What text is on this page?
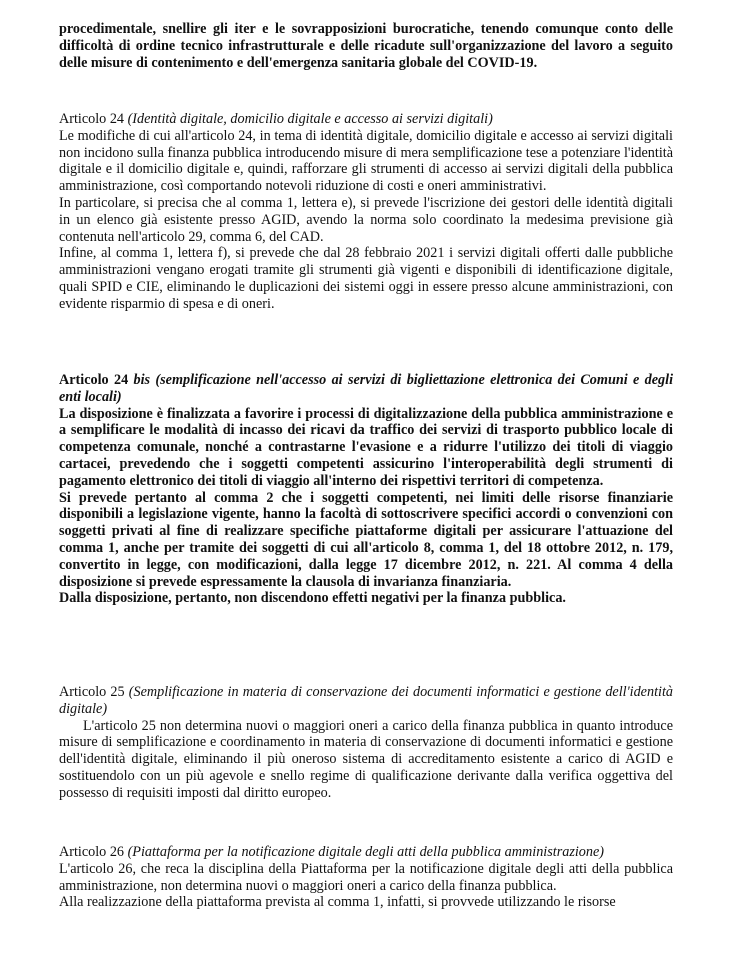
procedimentale, snellire gli iter e le sovrapposizioni burocratiche, tenendo comunque conto delle difficoltà di ordine tecnico infrastrutturale e delle ricadute sull'organizzazione del lavoro a seguito delle misure di contenimento e dell'emergenza sanitaria globale del COVID-19.

Articolo 24 (Identità digitale, domicilio digitale e accesso ai servizi digitali)

Le modifiche di cui all'articolo 24, in tema di identità digitale, domicilio digitale e accesso ai servizi digitali non incidono sulla finanza pubblica introducendo misure di mera semplificazione tese a potenziare l'identità digitale e il domicilio digitale e, quindi, rafforzare gli strumenti di accesso ai servizi digitali della pubblica amministrazione, così comportando notevoli riduzione di costi e oneri amministrativi.

In particolare, si precisa che al comma 1, lettera e), si prevede l'iscrizione dei gestori delle identità digitali in un elenco già esistente presso AGID, avendo la norma solo coordinato la medesima previsione già contenuta nell'articolo 29, comma 6, del CAD.

Infine, al comma 1, lettera f), si prevede che dal 28 febbraio 2021 i servizi digitali offerti dalle pubbliche amministrazioni vengano erogati tramite gli strumenti già vigenti e disponibili di identificazione digitale, quali SPID e CIE, eliminando le duplicazioni dei sistemi oggi in essere presso alcune amministrazioni, con evidente risparmio di spesa e di oneri.

Articolo 24 bis (semplificazione nell'accesso ai servizi di bigliettazione elettronica dei Comuni e degli enti locali)

La disposizione è finalizzata a favorire i processi di digitalizzazione della pubblica amministrazione e a semplificare le modalità di incasso dei ricavi da traffico dei servizi di trasporto pubblico locale di competenza comunale, nonché a contrastarne l'evasione e a ridurre l'utilizzo dei titoli di viaggio cartacei, prevedendo che i soggetti competenti assicurino l'interoperabilità degli strumenti di pagamento elettronico dei titoli di viaggio all'interno dei rispettivi territori di competenza.

Si prevede pertanto al comma 2 che i soggetti competenti, nei limiti delle risorse finanziarie disponibili a legislazione vigente, hanno la facoltà di sottoscrivere specifici accordi o convenzioni con soggetti privati al fine di realizzare specifiche piattaforme digitali per assicurare l'attuazione del comma 1, anche per tramite dei soggetti di cui all'articolo 8, comma 1, del 18 ottobre 2012, n. 179, convertito in legge, con modificazioni, dalla legge 17 dicembre 2012, n. 221. Al comma 4 della disposizione si prevede espressamente la clausola di invarianza finanziaria.

Dalla disposizione, pertanto, non discendono effetti negativi per la finanza pubblica.

Articolo 25 (Semplificazione in materia di conservazione dei documenti informatici e gestione dell'identità digitale)

L'articolo 25 non determina nuovi o maggiori oneri a carico della finanza pubblica in quanto introduce misure di semplificazione e coordinamento in materia di conservazione di documenti informatici e gestione dell'identità digitale, eliminando il più oneroso sistema di accreditamento esistente a carico di AGID e sostituendolo con un più agevole e snello regime di qualificazione derivante dalla verifica oggettiva del possesso di requisiti imposti dal diritto europeo.

Articolo 26 (Piattaforma per la notificazione digitale degli atti della pubblica amministrazione)

L'articolo 26, che reca la disciplina della Piattaforma per la notificazione digitale degli atti della pubblica amministrazione, non determina nuovi o maggiori oneri a carico della finanza pubblica.

Alla realizzazione della piattaforma prevista al comma 1, infatti, si provvede utilizzando le risorse
